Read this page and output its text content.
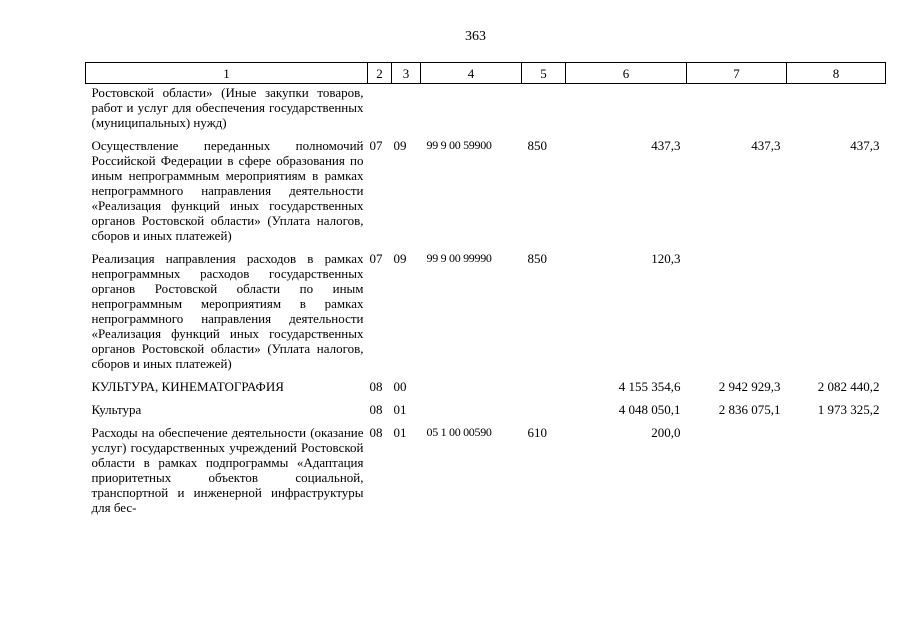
363
1	2	3	4	5	6	7	8
Ростовской области» (Иные закупки товаров, работ и услуг для обеспечения государственных (муниципальных) нужд)							
Осуществление переданных полномочий Российской Федерации в сфере образования по иным непрограммным мероприятиям в рамках непрограммного направления деятельности «Реализация функций иных государственных органов Ростовской области» (Уплата налогов, сборов и иных платежей)	07	09	99 9 00 59900	850	437,3	437,3	437,3
Реализация направления расходов в рамках непрограммных расходов государственных органов Ростовской области по иным непрограммным мероприятиям в рамках непрограммного направления деятельности «Реализация функций иных государственных органов Ростовской области» (Уплата налогов, сборов и иных платежей)	07	09	99 9 00 99990	850	120,3		
КУЛЬТУРА, КИНЕМАТОГРАФИЯ	08	00			4 155 354,6	2 942 929,3	2 082 440,2
Культура	08	01			4 048 050,1	2 836 075,1	1 973 325,2
Расходы на обеспечение деятельности (оказание услуг) государственных учреждений Ростовской области в рамках подпрограммы «Адаптация приоритетных объектов социальной, транспортной и инженерной инфраструктуры для бес-	08	01	05 1 00 00590	610	200,0		
